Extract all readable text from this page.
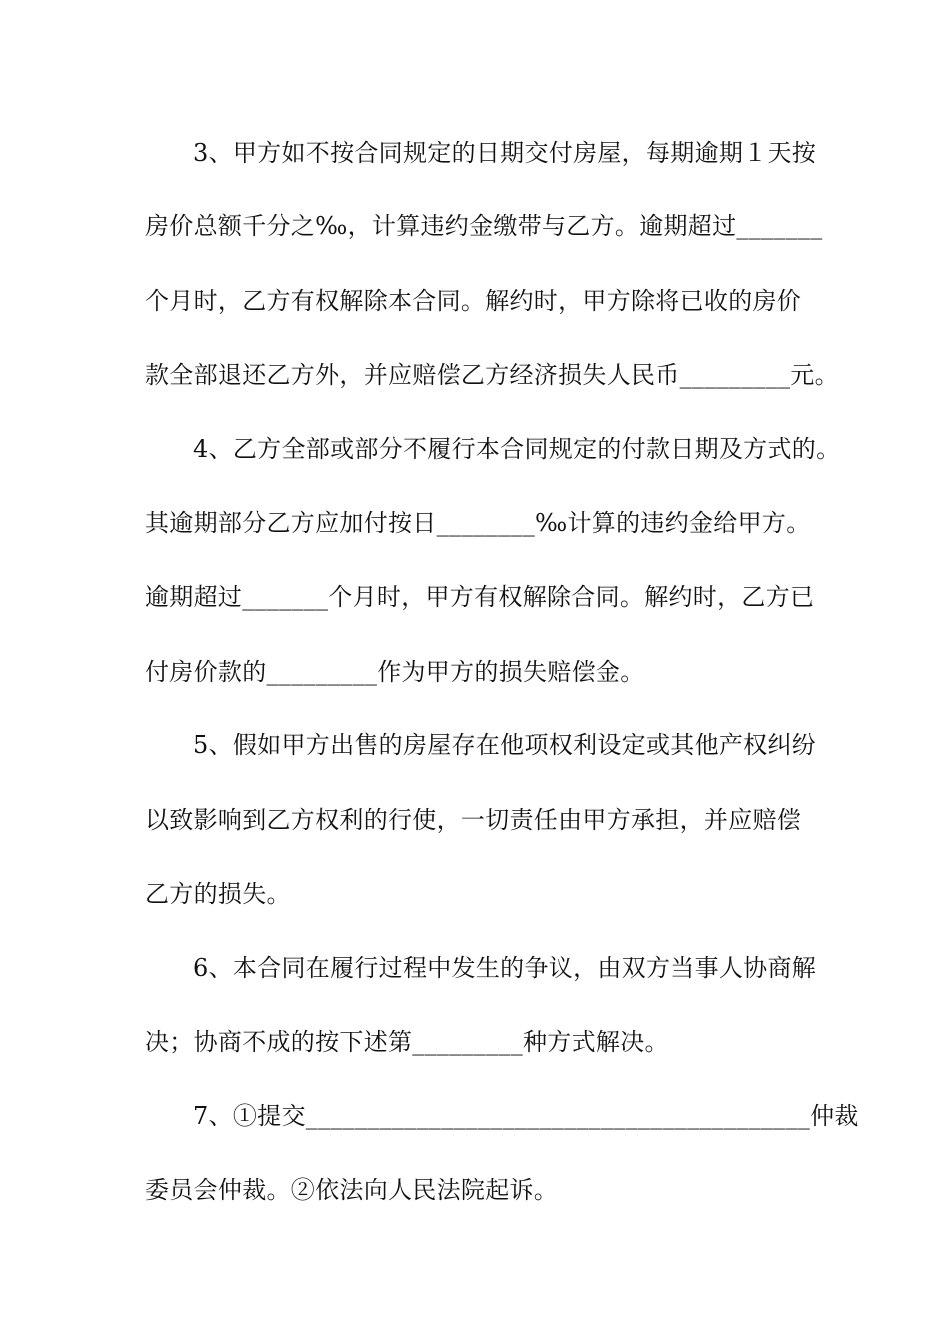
3、甲方如不按合同规定的日期交付房屋，每期逾期１天按
房价总额千分之‰，计算违约金缴带与乙方。逾期超过_______
个月时，乙方有权解除本合同。解约时，甲方除将已收的房价
款全部退还乙方外，并应赔偿乙方经济损失人民币_________元。
4、乙方全部或部分不履行本合同规定的付款日期及方式的。
其逾期部分乙方应加付按日________‰计算的违约金给甲方。
逾期超过_______个月时，甲方有权解除合同。解约时，乙方已
付房价款的_________作为甲方的损失赔偿金。
5、假如甲方出售的房屋存在他项权利设定或其他产权纠纷
以致影响到乙方权利的行使，一切责任由甲方承担，并应赔偿
乙方的损失。
6、本合同在履行过程中发生的争议，由双方当事人协商解
决；协商不成的按下述第_________种方式解决。
7、①提交_________________________________________仲裁
委员会仲裁。②依法向人民法院起诉。
